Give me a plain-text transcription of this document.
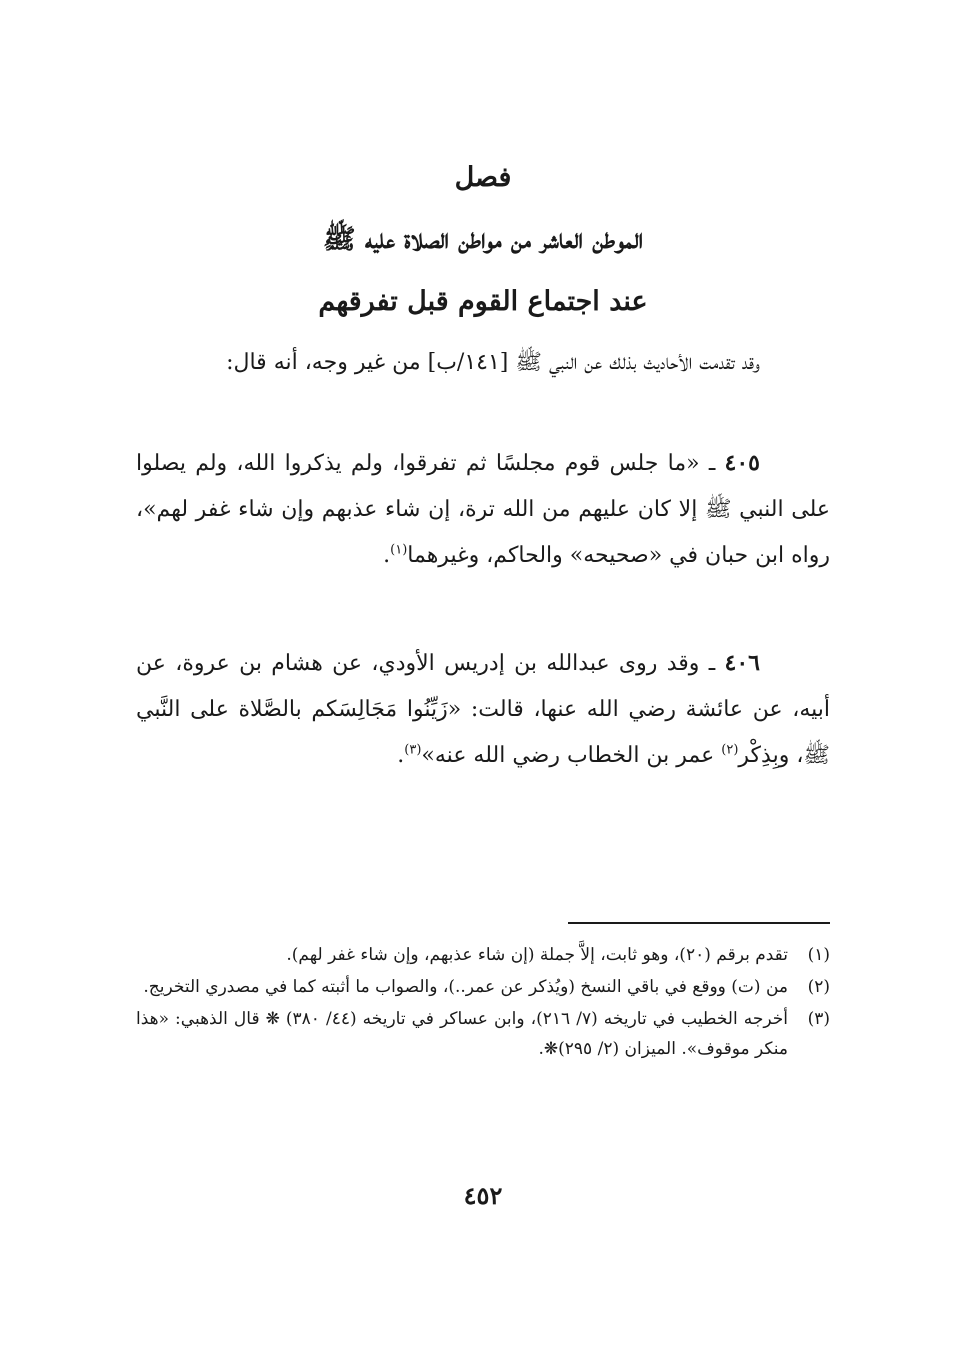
فصل
الموطن العاشر من مواطن الصلاة عليه ﷺ
عند اجتماع القوم قبل تفرقهم

وقد تقدمت الأحاديث بذلك عن النبي ﷺ [١٤١/ب] من غير وجه، أنه قال:

٤٠٥ ـ «ما جلس قوم مجلسًا ثم تفرقوا، ولم يذكروا الله، ولم يصلوا على النبي ﷺ إلا كان عليهم من الله ترة، إن شاء عذبهم وإن شاء غفر لهم»، رواه ابن حبان في «صحيحه» والحاكم، وغيرهما$^{(١)}$.

٤٠٦ ـ وقد روى عبدالله بن إدريس الأودي، عن هشام بن عروة، عن أبيه، عن عائشة رضي الله عنها، قالت: «زَيِّنُوا مَجَالِسَكم بالصَّلاة على النَّبي ﷺ، وبِذِكْر$^{(٢)}$ عمر بن الخطاب رضي الله عنه»$^{(٣)}$.

(١)
تقدم برقم (٢٠)، وهو ثابت، إلاَّ جملة (إن شاء عذبهم، وإن شاء غفر لهم).
(٢)
من (ت) ووقع في باقي النسخ (ويُذكر عن عمر..)، والصواب ما أثبته كما في مصدري التخريج.
(٣)
أخرجه الخطيب في تاريخه (٧/ ٢١٦)، وابن عساكر في تاريخه (٤٤/ ٣٨٠) ❋ قال الذهبي: «هذا منكر موقوف». الميزان (٢/ ٢٩٥)❋.
٤٥٢
